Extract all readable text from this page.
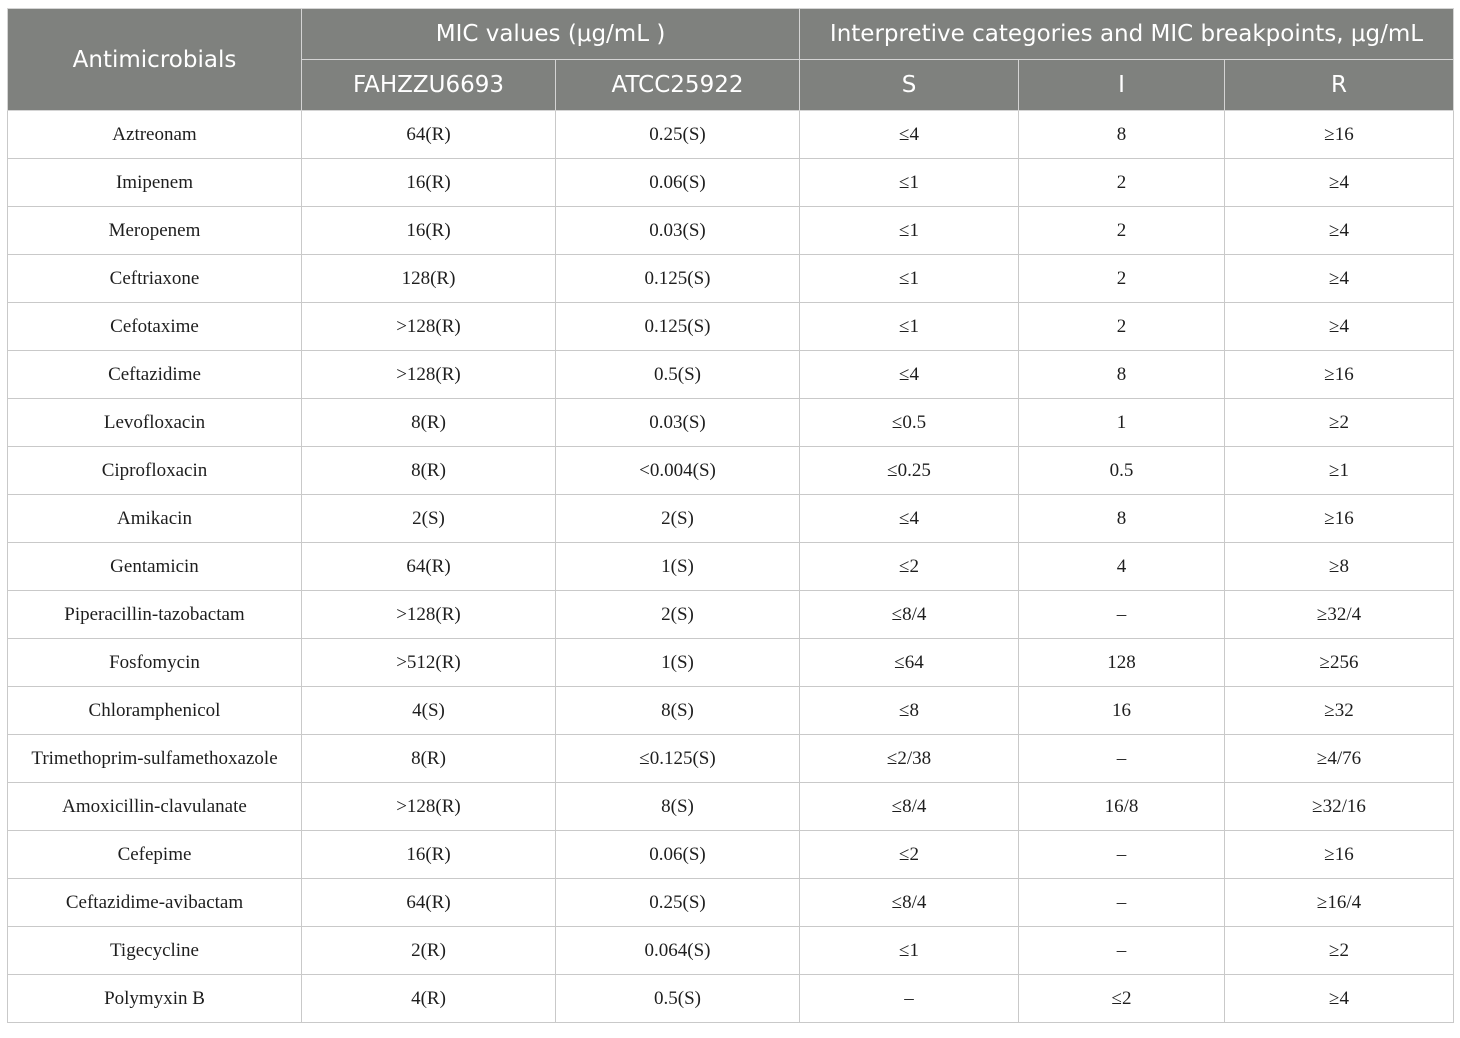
Antimicrobials	MIC values (μg/mL )		Interpretive categories and MIC breakpoints, μg/mL		
	FAHZZU6693	ATCC25922	S	I	R
Aztreonam	64(R)	0.25(S)	≤4	8	≥16
Imipenem	16(R)	0.06(S)	≤1	2	≥4
Meropenem	16(R)	0.03(S)	≤1	2	≥4
Ceftriaxone	128(R)	0.125(S)	≤1	2	≥4
Cefotaxime	>128(R)	0.125(S)	≤1	2	≥4
Ceftazidime	>128(R)	0.5(S)	≤4	8	≥16
Levofloxacin	8(R)	0.03(S)	≤0.5	1	≥2
Ciprofloxacin	8(R)	<0.004(S)	≤0.25	0.5	≥1
Amikacin	2(S)	2(S)	≤4	8	≥16
Gentamicin	64(R)	1(S)	≤2	4	≥8
Piperacillin-tazobactam	>128(R)	2(S)	≤8/4	–	≥32/4
Fosfomycin	>512(R)	1(S)	≤64	128	≥256
Chloramphenicol	4(S)	8(S)	≤8	16	≥32
Trimethoprim-sulfamethoxazole	8(R)	≤0.125(S)	≤2/38	–	≥4/76
Amoxicillin-clavulanate	>128(R)	8(S)	≤8/4	16/8	≥32/16
Cefepime	16(R)	0.06(S)	≤2	–	≥16
Ceftazidime-avibactam	64(R)	0.25(S)	≤8/4	–	≥16/4
Tigecycline	2(R)	0.064(S)	≤1	–	≥2
Polymyxin B	4(R)	0.5(S)	–	≤2	≥4
